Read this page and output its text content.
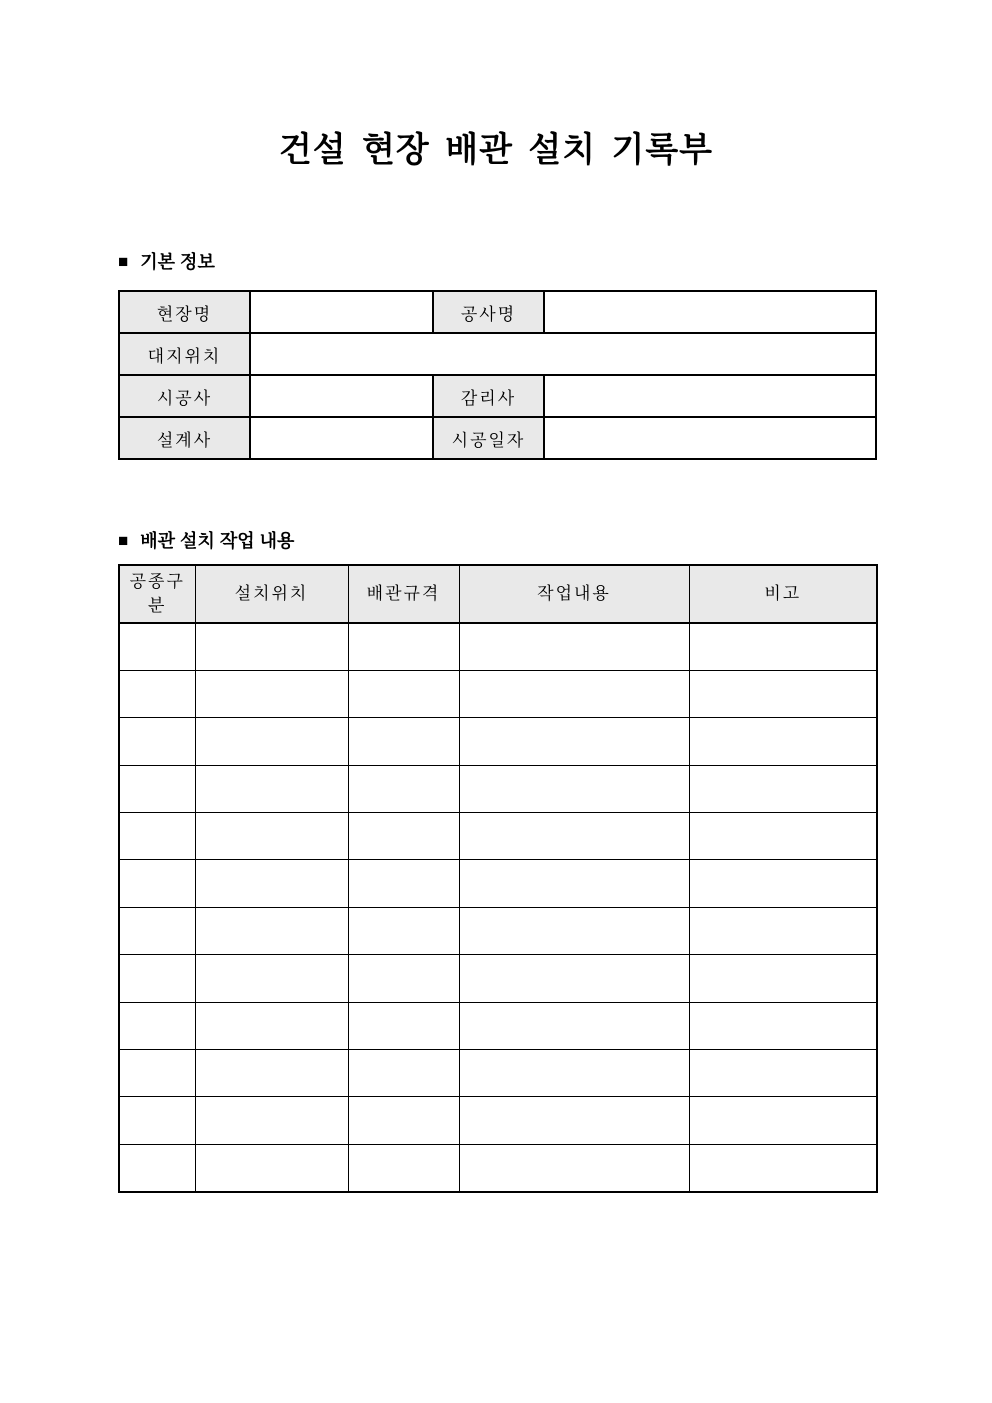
건설 현장 배관 설치 기록부
■ 기본 정보
현장명		공사명	
대지위치			
시공사		감리사	
설계사		시공일자	
■ 배관 설치 작업 내용
공종구분	설치위치	배관규격	작업내용	비고
